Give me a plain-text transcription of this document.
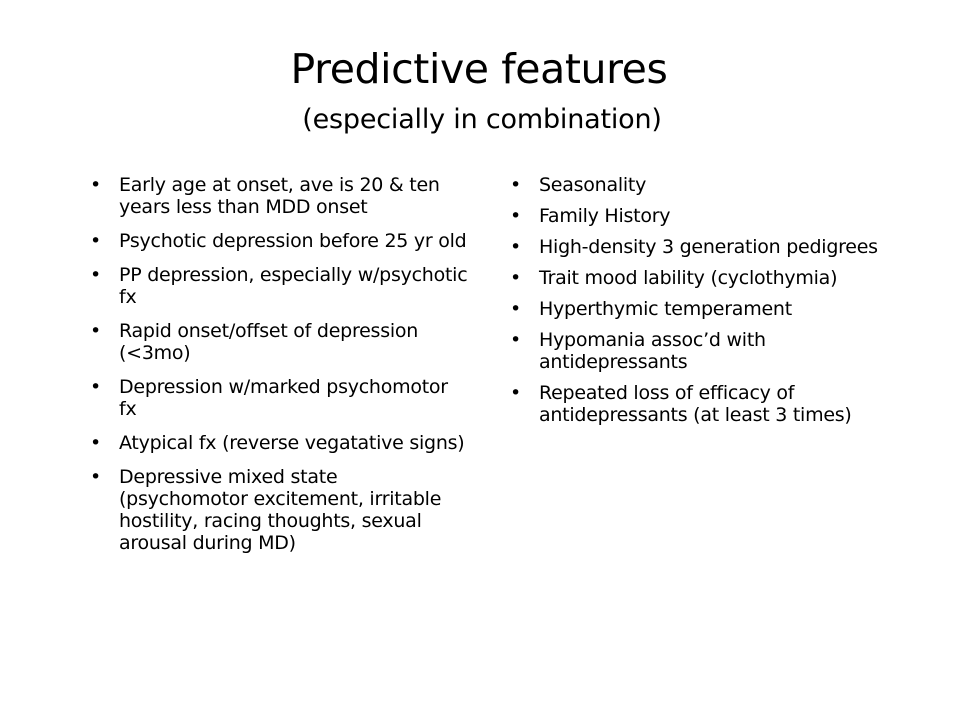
Predictive features
(especially in combination)
• Early age at onset, ave is 20 & ten years less than MDD onset
• Psychotic depression before 25 yr old
• PP depression, especially w/psychotic fx
• Rapid onset/offset of depression (<3mo)
• Depression w/marked psychomotor fx
• Atypical fx (reverse vegatative signs)
• Depressive mixed state (psychomotor excitement, irritable hostility, racing thoughts, sexual arousal during MD)
• Seasonality
• Family History
• High-density 3 generation pedigrees
• Trait mood lability (cyclothymia)
• Hyperthymic temperament
• Hypomania assoc’d with antidepressants
• Repeated loss of efficacy of antidepressants (at least 3 times)
